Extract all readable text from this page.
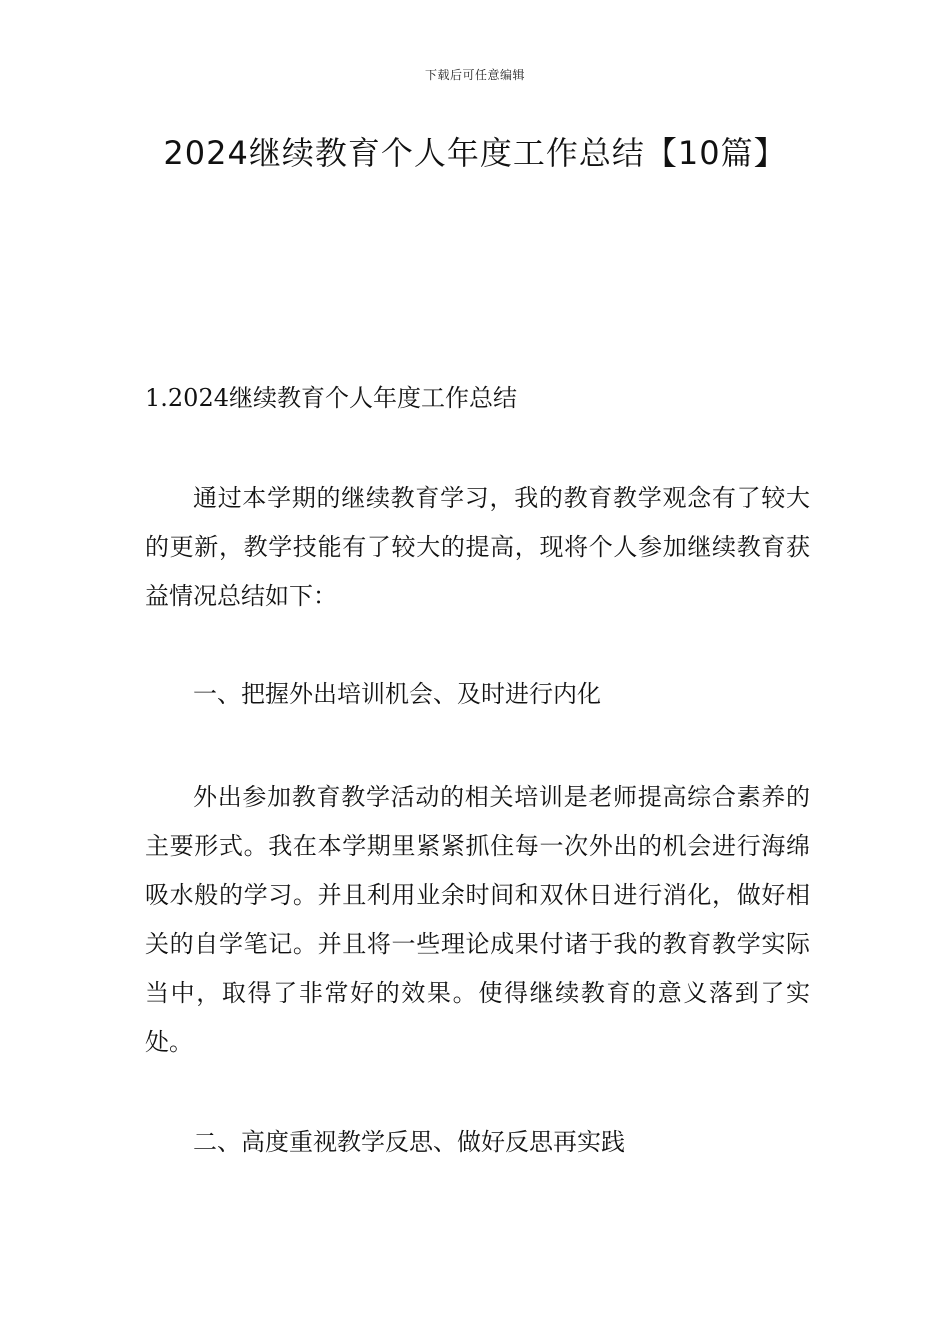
下载后可任意编辑
2024继续教育个人年度工作总结【10篇】
1.2024继续教育个人年度工作总结

通过本学期的继续教育学习，我的教育教学观念有了较大的更新，教学技能有了较大的提高，现将个人参加继续教育获益情况总结如下：

一、把握外出培训机会、及时进行内化

外出参加教育教学活动的相关培训是老师提高综合素养的主要形式。我在本学期里紧紧抓住每一次外出的机会进行海绵吸水般的学习。并且利用业余时间和双休日进行消化，做好相关的自学笔记。并且将一些理论成果付诸于我的教育教学实际当中，取得了非常好的效果。使得继续教育的意义落到了实处。

二、高度重视教学反思、做好反思再实践
